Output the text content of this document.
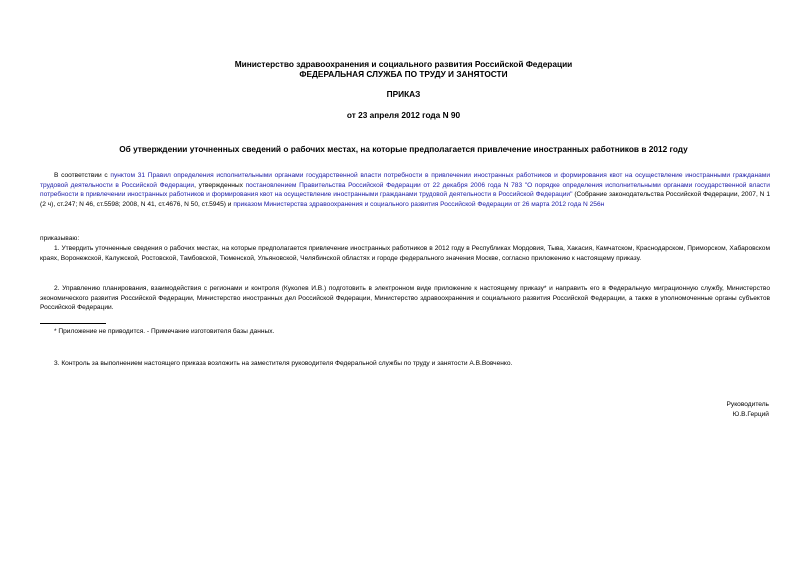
Министерство здравоохранения и социального развития Российской Федерации
ФЕДЕРАЛЬНАЯ СЛУЖБА ПО ТРУДУ И ЗАНЯТОСТИ
ПРИКАЗ
от 23 апреля 2012 года N 90
Об утверждении уточненных сведений о рабочих местах, на которые предполагается привлечение иностранных работников в 2012 году
В соответствии с пунктом 31 Правил определения исполнительными органами государственной власти потребности в привлечении иностранных работников и формирования квот на осуществление иностранными гражданами трудовой деятельности в Российской Федерации, утвержденных постановлением Правительства Российской Федерации от 22 декабря 2006 года N 783 "О порядке определения исполнительными органами государственной власти потребности в привлечении иностранных работников и формирования квот на осуществление иностранными гражданами трудовой деятельности в Российской Федерации" (Собрание законодательства Российской Федерации, 2007, N 1 (2 ч), ст.247; N 46, ст.5598; 2008, N 41, ст.4676, N 50, ст.5945) и приказом Министерства здравоохранения и социального развития Российской Федерации от 26 марта 2012 года N 256н
приказываю:
1. Утвердить уточненные сведения о рабочих местах, на которые предполагается привлечение иностранных работников в 2012 году в Республиках Мордовия, Тыва, Хакасия, Камчатском, Краснодарском, Приморском, Хабаровском краях, Воронежской, Калужской, Ростовской, Тамбовской, Тюменской, Ульяновской, Челябинской областях и городе федерального значения Москве, согласно приложению к настоящему приказу.
2. Управлению планирования, взаимодействия с регионами и контроля (Куколев И.В.) подготовить в электронном виде приложение к настоящему приказу* и направить его в Федеральную миграционную службу, Министерство экономического развития Российской Федерации, Министерство иностранных дел Российской Федерации, Министерство здравоохранения и социального развития Российской Федерации, а также в уполномоченные органы субъектов Российской Федерации.
* Приложение не приводится. - Примечание изготовителя базы данных.
3. Контроль за выполнением настоящего приказа возложить на заместителя руководителя Федеральной службы по труду и занятости А.В.Вовченко.
Руководитель
Ю.В.Герций
